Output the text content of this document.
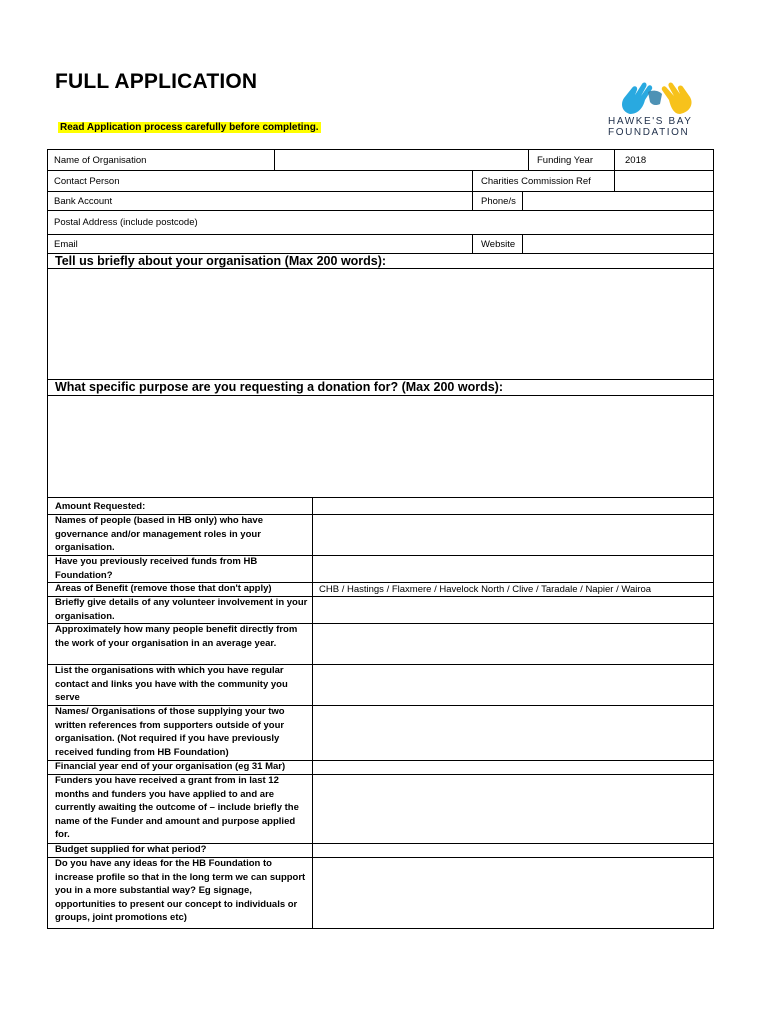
FULL APPLICATION
Read Application process carefully before completing.
HAWKE'S BAY
FOUNDATION
Name of Organisation	Funding Year	2018
Contact Person	Charities Commission Ref
Bank Account	Phone/s
Postal Address (include postcode)
Email	Website
Tell us briefly about your organisation (Max 200 words):
What specific purpose are you requesting a donation for? (Max 200 words):
Amount Requested:
Names of people (based in HB only) who have governance and/or management roles in your organisation.
Have you previously received funds from HB Foundation?
Areas of Benefit (remove those that don't apply)	CHB / Hastings / Flaxmere / Havelock North / Clive / Taradale / Napier / Wairoa
Briefly give details of any volunteer involvement in your organisation.
Approximately how many people benefit directly from the work of your organisation in an average year.
List the organisations with which you have regular contact and links you have with the community you serve
Names/ Organisations of those supplying your two written references from supporters outside of your organisation. (Not required if you have previously received funding from HB Foundation)
Financial year end of your organisation (eg 31 Mar)
Funders you have received a grant from in last 12 months and funders you have applied to and are currently awaiting the outcome of – include briefly the name of the Funder and amount and purpose applied for.
Budget supplied for what period?
Do you have any ideas for the HB Foundation to increase profile so that in the long term we can support you in a more substantial way? Eg signage, opportunities to present our concept to individuals or groups, joint promotions etc)
